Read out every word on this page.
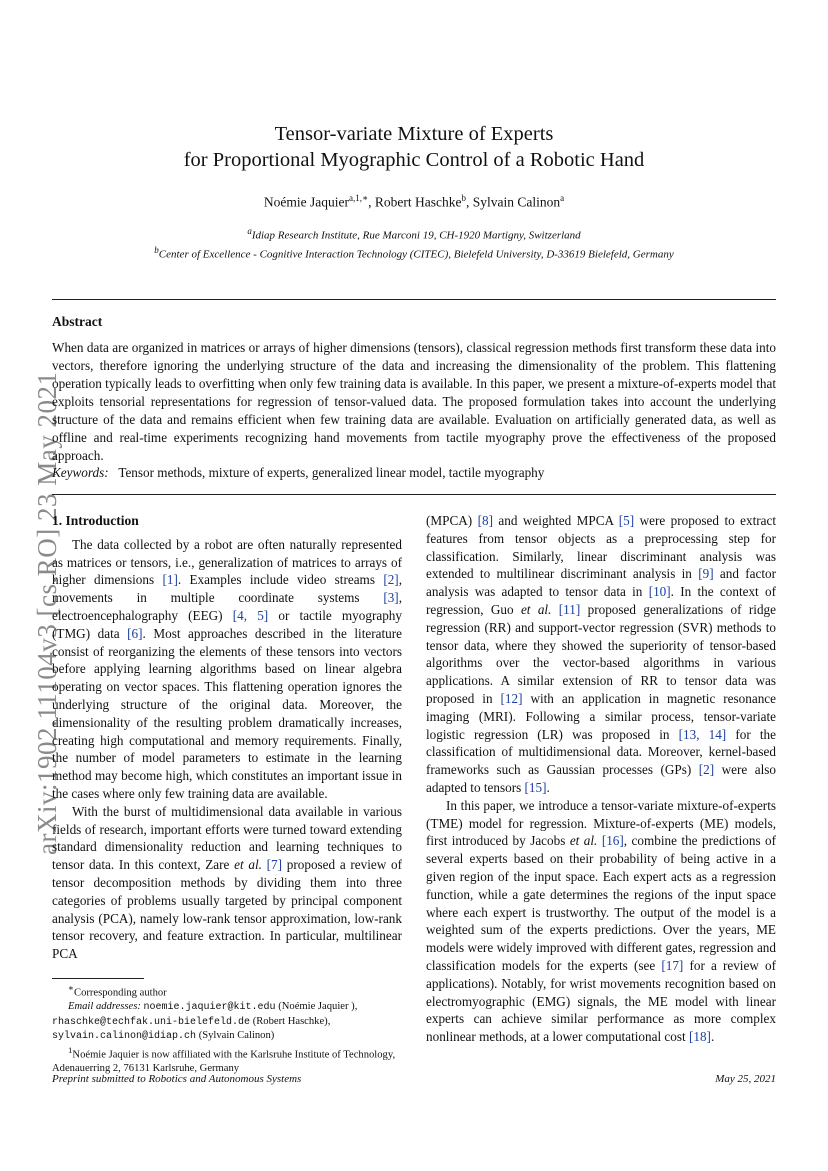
arXiv:1902.11104v3 [cs.RO] 23 May 2021
Tensor-variate Mixture of Experts
for Proportional Myographic Control of a Robotic Hand
Noémie Jaquier$^{a,1,∗}$, Robert Haschke$^b$, Sylvain Calinon$^a$
$^a$Idiap Research Institute, Rue Marconi 19, CH-1920 Martigny, Switzerland
$^b$Center of Excellence - Cognitive Interaction Technology (CITEC), Bielefeld University, D-33619 Bielefeld, Germany
Abstract
When data are organized in matrices or arrays of higher dimensions (tensors), classical regression methods first transform these data into vectors, therefore ignoring the underlying structure of the data and increasing the dimensionality of the problem. This flattening operation typically leads to overfitting when only few training data is available. In this paper, we present a mixture-of-experts model that exploits tensorial representations for regression of tensor-valued data. The proposed formulation takes into account the underlying structure of the data and remains efficient when few training data are available. Evaluation on artificially generated data, as well as offline and real-time experiments recognizing hand movements from tactile myography prove the effectiveness of the proposed approach.
Keywords: Tensor methods, mixture of experts, generalized linear model, tactile myography
1. Introduction

The data collected by a robot are often naturally represented as matrices or tensors, i.e., generalization of matrices to arrays of higher dimensions [1]. Examples include video streams [2], movements in multiple coordinate systems [3], electroencephalography (EEG) [4, 5] or tactile myography (TMG) data [6]. Most approaches described in the literature consist of reorganizing the elements of these tensors into vectors before applying learning algorithms based on linear algebra operating on vector spaces. This flattening operation ignores the underlying structure of the original data. Moreover, the dimensionality of the resulting problem dramatically increases, creating high computational and memory requirements. Finally, the number of model parameters to estimate in the learning method may become high, which constitutes an important issue in the cases where only few training data are available.

With the burst of multidimensional data available in various fields of research, important efforts were turned toward extending standard dimensionality reduction and learning techniques to tensor data. In this context, Zare et al. [7] proposed a review of tensor decomposition methods by dividing them into three categories of problems usually targeted by principal component analysis (PCA), namely low-rank tensor approximation, low-rank tensor recovery, and feature extraction. In particular, multilinear PCA

(MPCA) [8] and weighted MPCA [5] were proposed to extract features from tensor objects as a preprocessing step for classification. Similarly, linear discriminant analysis was extended to multilinear discriminant analysis in [9] and factor analysis was adapted to tensor data in [10]. In the context of regression, Guo et al. [11] proposed generalizations of ridge regression (RR) and support-vector regression (SVR) methods to tensor data, where they showed the superiority of tensor-based algorithms over the vector-based algorithms in various applications. A similar extension of RR to tensor data was proposed in [12] with an application in magnetic resonance imaging (MRI). Following a similar process, tensor-variate logistic regression (LR) was proposed in [13, 14] for the classification of multidimensional data. Moreover, kernel-based frameworks such as Gaussian processes (GPs) [2] were also adapted to tensors [15].

In this paper, we introduce a tensor-variate mixture-of-experts (TME) model for regression. Mixture-of-experts (ME) models, first introduced by Jacobs et al. [16], combine the predictions of several experts based on their probability of being active in a given region of the input space. Each expert acts as a regression function, while a gate determines the regions of the input space where each expert is trustworthy. The output of the model is a weighted sum of the experts predictions. Over the years, ME models were widely improved with different gates, regression and classification models for the experts (see [17] for a review of applications). Notably, for wrist movements recognition based on electromyographic (EMG) signals, the ME model with linear experts can achieve similar performance as more complex nonlinear methods, at a lower computational cost [18].

∗Corresponding author

Email addresses: noemie.jaquier@kit.edu (Noémie Jaquier ), rhaschke@techfak.uni-bielefeld.de (Robert Haschke), sylvain.calinon@idiap.ch (Sylvain Calinon)

$^1$Noémie Jaquier is now affiliated with the Karlsruhe Institute of Technology, Adenauerring 2, 76131 Karlsruhe, Germany

Preprint submitted to Robotics and Autonomous Systems	May 25, 2021
